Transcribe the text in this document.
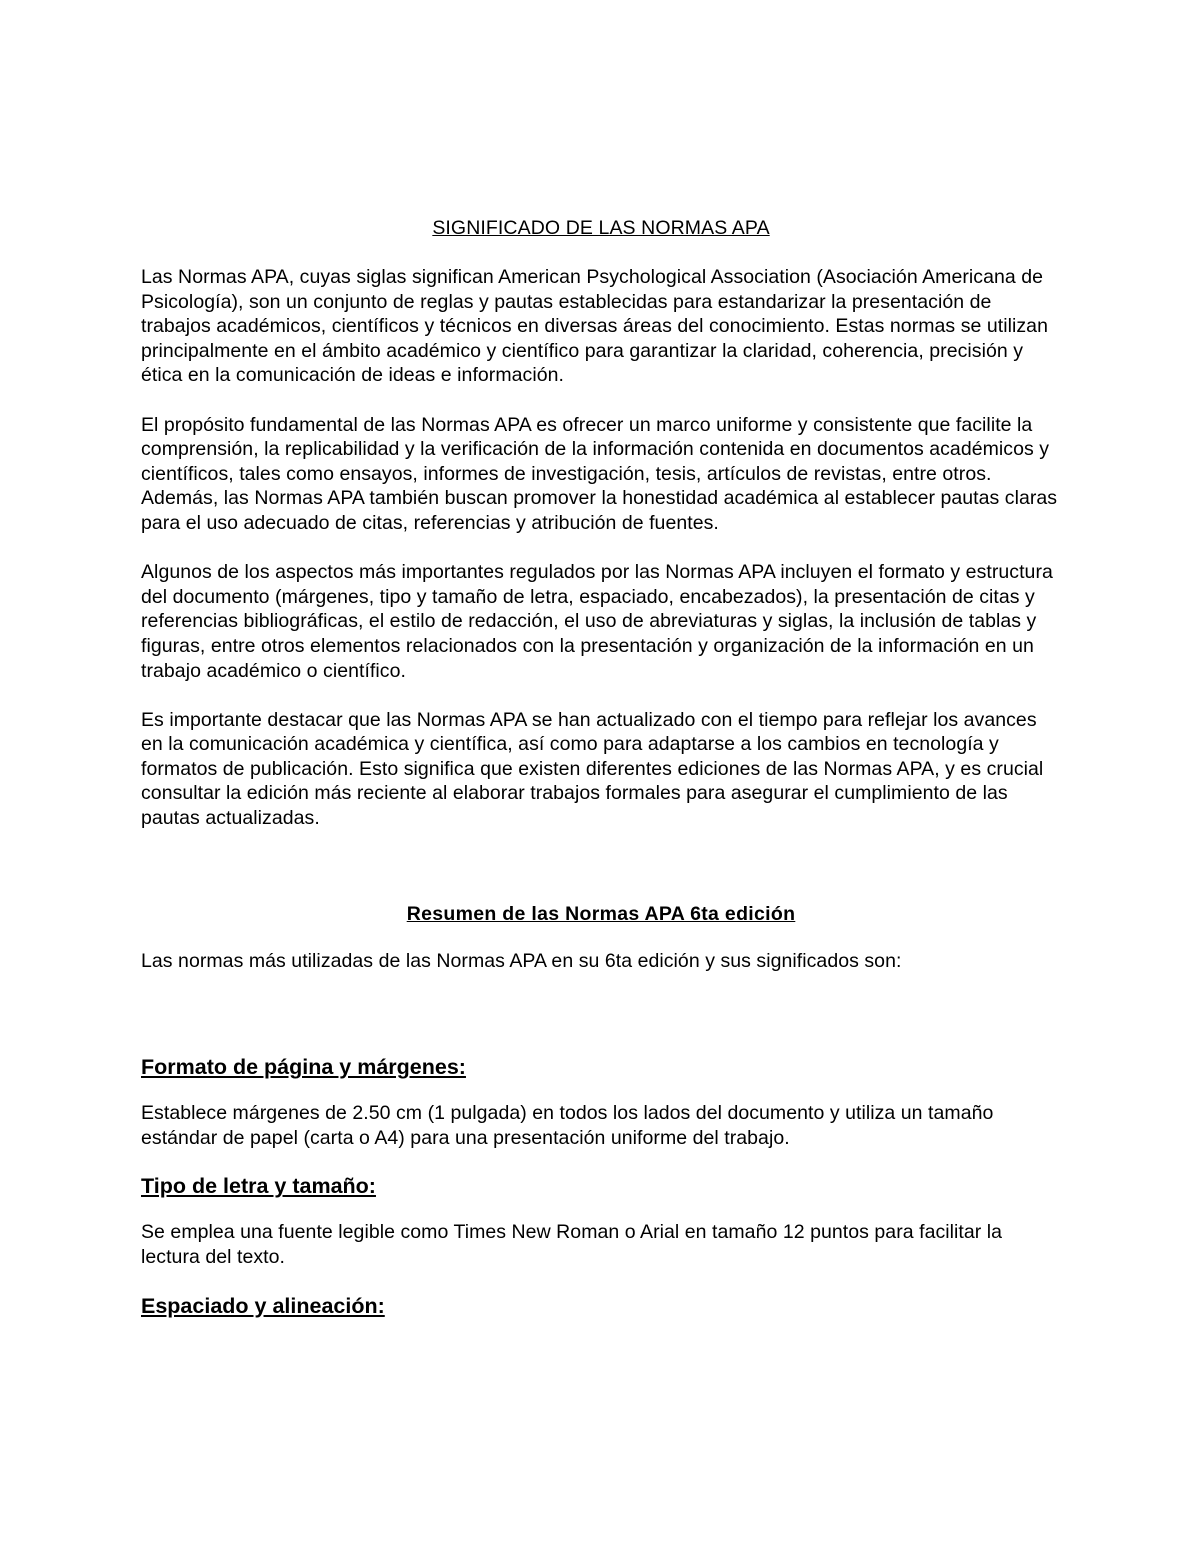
SIGNIFICADO DE LAS NORMAS APA

Las Normas APA, cuyas siglas significan American Psychological Association (Asociación Americana de Psicología), son un conjunto de reglas y pautas establecidas para estandarizar la presentación de trabajos académicos, científicos y técnicos en diversas áreas del conocimiento. Estas normas se utilizan principalmente en el ámbito académico y científico para garantizar la claridad, coherencia, precisión y ética en la comunicación de ideas e información.

El propósito fundamental de las Normas APA es ofrecer un marco uniforme y consistente que facilite la comprensión, la replicabilidad y la verificación de la información contenida en documentos académicos y científicos, tales como ensayos, informes de investigación, tesis, artículos de revistas, entre otros. Además, las Normas APA también buscan promover la honestidad académica al establecer pautas claras para el uso adecuado de citas, referencias y atribución de fuentes.

Algunos de los aspectos más importantes regulados por las Normas APA incluyen el formato y estructura del documento (márgenes, tipo y tamaño de letra, espaciado, encabezados), la presentación de citas y referencias bibliográficas, el estilo de redacción, el uso de abreviaturas y siglas, la inclusión de tablas y figuras, entre otros elementos relacionados con la presentación y organización de la información en un trabajo académico o científico.

Es importante destacar que las Normas APA se han actualizado con el tiempo para reflejar los avances en la comunicación académica y científica, así como para adaptarse a los cambios en tecnología y formatos de publicación. Esto significa que existen diferentes ediciones de las Normas APA, y es crucial consultar la edición más reciente al elaborar trabajos formales para asegurar el cumplimiento de las pautas actualizadas.

Resumen de las Normas APA 6ta edición

Las normas más utilizadas de las Normas APA en su 6ta edición y sus significados son:

Formato de página y márgenes:

Establece márgenes de 2.50 cm (1 pulgada) en todos los lados del documento y utiliza un tamaño estándar de papel (carta o A4) para una presentación uniforme del trabajo.

Tipo de letra y tamaño:

Se emplea una fuente legible como Times New Roman o Arial en tamaño 12 puntos para facilitar la lectura del texto.

Espaciado y alineación:
